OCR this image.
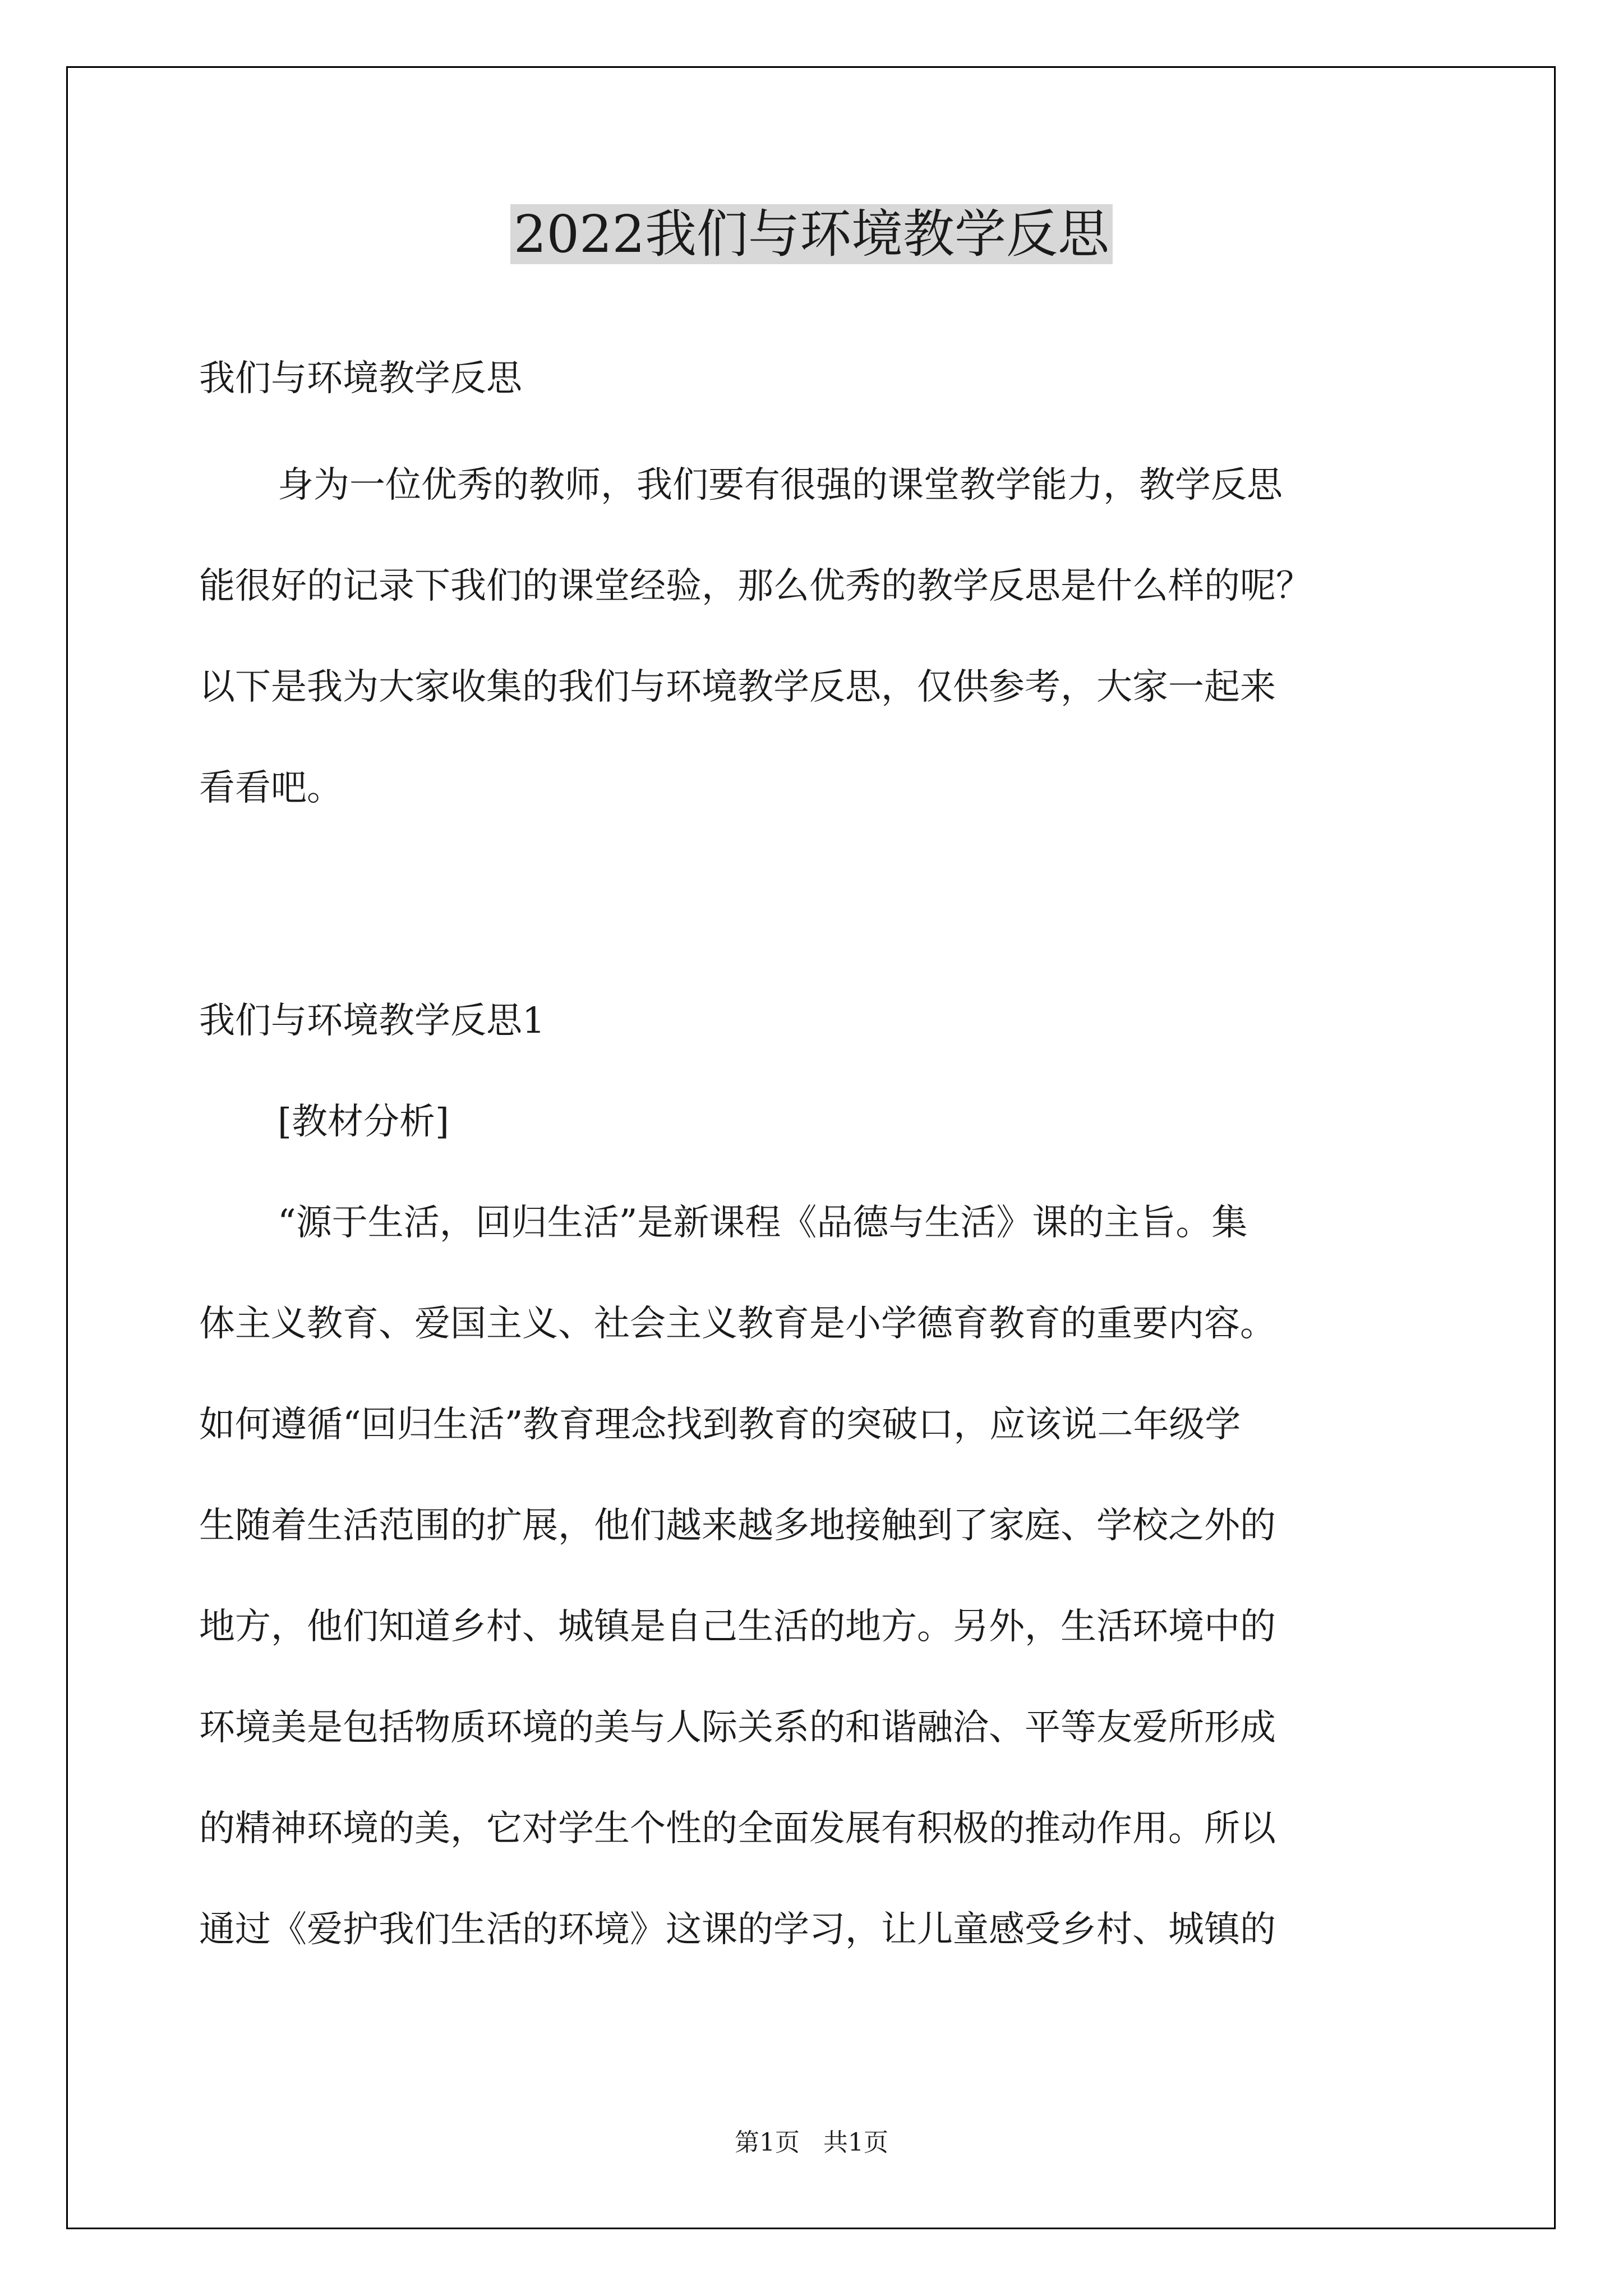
2022我们与环境教学反思
我们与环境教学反思
身为一位优秀的教师，我们要有很强的课堂教学能力，教学反思
能很好的记录下我们的课堂经验，那么优秀的教学反思是什么样的呢？
以下是我为大家收集的我们与环境教学反思，仅供参考，大家一起来
看看吧。
我们与环境教学反思1
[教材分析]
“源于生活，回归生活”是新课程《品德与生活》课的主旨。集
体主义教育、爱国主义、社会主义教育是小学德育教育的重要内容。
如何遵循“回归生活”教育理念找到教育的突破口，应该说二年级学
生随着生活范围的扩展，他们越来越多地接触到了家庭、学校之外的
地方，他们知道乡村、城镇是自己生活的地方。另外，生活环境中的
环境美是包括物质环境的美与人际关系的和谐融洽、平等友爱所形成
的精神环境的美，它对学生个性的全面发展有积极的推动作用。所以
通过《爱护我们生活的环境》这课的学习，让儿童感受乡村、城镇的
第1页   共1页
